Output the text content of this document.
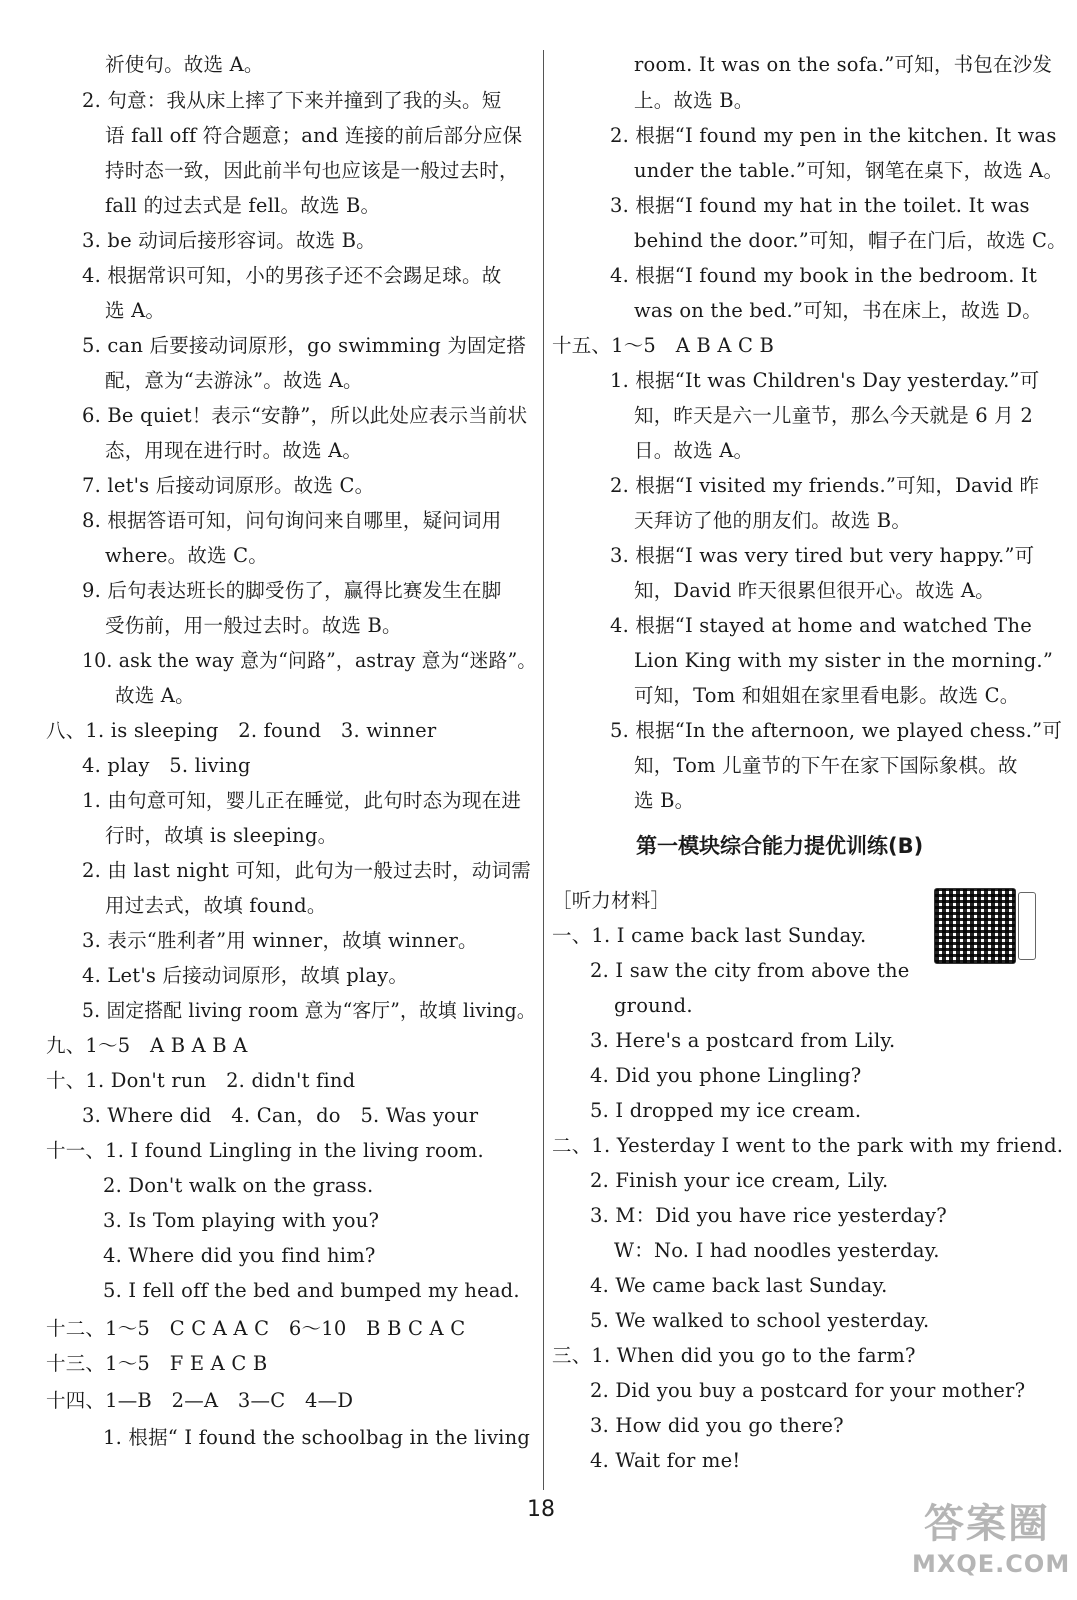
祈使句。故选 A。
2. 句意：我从床上摔了下来并撞到了我的头。短
语 fall off 符合题意；and 连接的前后部分应保
持时态一致，因此前半句也应该是一般过去时，
fall 的过去式是 fell。故选 B。
3. be 动词后接形容词。故选 B。
4. 根据常识可知，小的男孩子还不会踢足球。故
选 A。
5. can 后要接动词原形，go swimming 为固定搭
配，意为“去游泳”。故选 A。
6. Be quiet！表示“安静”，所以此处应表示当前状
态，用现在进行时。故选 A。
7. let's 后接动词原形。故选 C。
8. 根据答语可知，问句询问来自哪里，疑问词用
where。故选 C。
9. 后句表达班长的脚受伤了，赢得比赛发生在脚
受伤前，用一般过去时。故选 B。
10. ask the way 意为“问路”，astray 意为“迷路”。
故选 A。
八、1. is sleeping　2. found　3. winner
4. play　5. living
1. 由句意可知，婴儿正在睡觉，此句时态为现在进
行时，故填 is sleeping。
2. 由 last night 可知，此句为一般过去时，动词需
用过去式，故填 found。
3. 表示“胜利者”用 winner，故填 winner。
4. Let's 后接动词原形，故填 play。
5. 固定搭配 living room 意为“客厅”，故填 living。
九、1～5　A B A B A
十、1. Don't run　2. didn't find
3. Where did　4. Can，do　5. Was your
十一、1. I found Lingling in the living room.
2. Don't walk on the grass.
3. Is Tom playing with you?
4. Where did you find him?
5. I fell off the bed and bumped my head.
十二、1～5　C C A A C　6～10　B B C A C
十三、1～5　F E A C B
十四、1—B　2—A　3—C　4—D
1. 根据“ I found the schoolbag in the living
room. It was on the sofa.”可知，书包在沙发
上。故选 B。
2. 根据“I found my pen in the kitchen. It was
under the table.”可知，钢笔在桌下，故选 A。
3. 根据“I found my hat in the toilet. It was
behind the door.”可知，帽子在门后，故选 C。
4. 根据“I found my book in the bedroom. It
was on the bed.”可知，书在床上，故选 D。
十五、1～5　A B A C B
1. 根据“It was Children's Day yesterday.”可
知，昨天是六一儿童节，那么今天就是 6 月 2
日。故选 A。
2. 根据“I visited my friends.”可知，David 昨
天拜访了他的朋友们。故选 B。
3. 根据“I was very tired but very happy.”可
知，David 昨天很累但很开心。故选 A。
4. 根据“I stayed at home and watched The
Lion King with my sister in the morning.”
可知，Tom 和姐姐在家里看电影。故选 C。
5. 根据“In the afternoon, we played chess.”可
知，Tom 儿童节的下午在家下国际象棋。故
选 B。
［听力材料］
一、1. I came back last Sunday.
2. I saw the city from above the
ground.
3. Here's a postcard from Lily.
4. Did you phone Lingling?
5. I dropped my ice cream.
二、1. Yesterday I went to the park with my friend.
2. Finish your ice cream, Lily.
3. M：Did you have rice yesterday?
W：No. I had noodles yesterday.
4. We came back last Sunday.
5. We walked to school yesterday.
三、1. When did you go to the farm?
2. Did you buy a postcard for your mother?
3. How did you go there?
4. Wait for me!
第一模块综合能力提优训练(B)
18	答案圈
MXQE.COM
